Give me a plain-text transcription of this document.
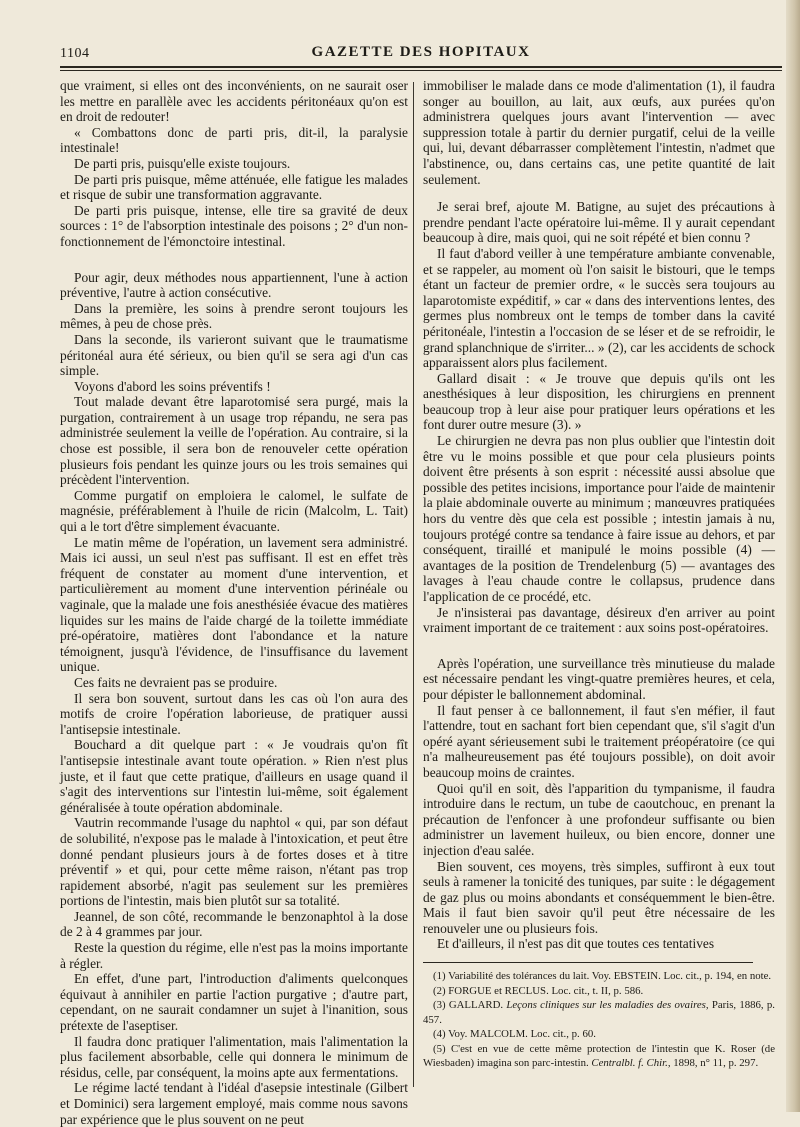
1104	GAZETTE DES HOPITAUX

que vraiment, si elles ont des inconvénients, on ne saurait oser les mettre en parallèle avec les accidents péritonéaux qu'on est en droit de redouter!

« Combattons donc de parti pris, dit-il, la paralysie intestinale!

De parti pris, puisqu'elle existe toujours.

De parti pris puisque, même atténuée, elle fatigue les malades et risque de subir une transformation aggravante.

De parti pris puisque, intense, elle tire sa gravité de deux sources : 1° de l'absorption intestinale des poisons ; 2° d'un non-fonctionnement de l'émonctoire intestinal.

Pour agir, deux méthodes nous appartiennent, l'une à action préventive, l'autre à action consécutive.

Dans la première, les soins à prendre seront toujours les mêmes, à peu de chose près.

Dans la seconde, ils varieront suivant que le traumatisme péritonéal aura été sérieux, ou bien qu'il se sera agi d'un cas simple.

Voyons d'abord les soins préventifs !

Tout malade devant être laparotomisé sera purgé, mais la purgation, contrairement à un usage trop répandu, ne sera pas administrée seulement la veille de l'opération. Au contraire, si la chose est possible, il sera bon de renouveler cette opération plusieurs fois pendant les quinze jours ou les trois semaines qui précèdent l'intervention.

Comme purgatif on emploiera le calomel, le sulfate de magnésie, préférablement à l'huile de ricin (Malcolm, L. Tait) qui a le tort d'être simplement évacuante.

Le matin même de l'opération, un lavement sera administré. Mais ici aussi, un seul n'est pas suffisant. Il est en effet très fréquent de constater au moment d'une intervention, et particulièrement au moment d'une intervention périnéale ou vaginale, que la malade une fois anesthésiée évacue des matières liquides sur les mains de l'aide chargé de la toilette immédiate pré-opératoire, matières dont l'abondance et la nature témoignent, jusqu'à l'évidence, de l'insuffisance du lavement unique.

Ces faits ne devraient pas se produire.

Il sera bon souvent, surtout dans les cas où l'on aura des motifs de croire l'opération laborieuse, de pratiquer aussi l'antisepsie intestinale.

Bouchard a dit quelque part : « Je voudrais qu'on fît l'antisepsie intestinale avant toute opération. » Rien n'est plus juste, et il faut que cette pratique, d'ailleurs en usage quand il s'agit des interventions sur l'intestin lui-même, soit également généralisée à toute opération abdominale.

Vautrin recommande l'usage du naphtol « qui, par son défaut de solubilité, n'expose pas le malade à l'intoxication, et peut être donné pendant plusieurs jours à de fortes doses et à titre préventif » et qui, pour cette même raison, n'étant pas trop rapidement absorbé, n'agit pas seulement sur les premières portions de l'intestin, mais bien plutôt sur sa totalité.

Jeannel, de son côté, recommande le benzonaphtol à la dose de 2 à 4 grammes par jour.

Reste la question du régime, elle n'est pas la moins importante à régler.

En effet, d'une part, l'introduction d'aliments quelconques équivaut à annihiler en partie l'action purgative ; d'autre part, cependant, on ne saurait condamner un sujet à l'inanition, sous prétexte de l'aseptiser.

Il faudra donc pratiquer l'alimentation, mais l'alimentation la plus facilement absorbable, celle qui donnera le minimum de résidus, celle, par conséquent, la moins apte aux fermentations.

Le régime lacté tendant à l'idéal d'asepsie intestinale (Gilbert et Dominici) sera largement employé, mais comme nous savons par expérience que le plus souvent on ne peut

immobiliser le malade dans ce mode d'alimentation (1), il faudra songer au bouillon, au lait, aux œufs, aux purées qu'on administrera quelques jours avant l'intervention — avec suppression totale à partir du dernier purgatif, celui de la veille qui, lui, devant débarrasser complètement l'intestin, n'admet que l'abstinence, ou, dans certains cas, une petite quantité de lait seulement.

Je serai bref, ajoute M. Batigne, au sujet des précautions à prendre pendant l'acte opératoire lui-même. Il y aurait cependant beaucoup à dire, mais quoi, qui ne soit répété et bien connu ?

Il faut d'abord veiller à une température ambiante convenable, et se rappeler, au moment où l'on saisit le bistouri, que le temps étant un facteur de premier ordre, « le succès sera toujours au laparotomiste expéditif, » car « dans des interventions lentes, des germes plus nombreux ont le temps de tomber dans la cavité péritonéale, l'intestin a l'occasion de se léser et de se refroidir, le grand splanchnique de s'irriter... » (2), car les accidents de schock apparaissent alors plus facilement.

Gallard disait : « Je trouve que depuis qu'ils ont les anesthésiques à leur disposition, les chirurgiens en prennent beaucoup trop à leur aise pour pratiquer leurs opérations et les font durer outre mesure (3). »

Le chirurgien ne devra pas non plus oublier que l'intestin doit être vu le moins possible et que pour cela plusieurs points doivent être présents à son esprit : nécessité aussi absolue que possible des petites incisions, importance pour l'aide de maintenir la plaie abdominale ouverte au minimum ; manœuvres pratiquées hors du ventre dès que cela est possible ; intestin jamais à nu, toujours protégé contre sa tendance à faire issue au dehors, et par conséquent, tiraillé et manipulé le moins possible (4) — avantages de la position de Trendelenburg (5) — avantages des lavages à l'eau chaude contre le collapsus, prudence dans l'application de ce procédé, etc.

Je n'insisterai pas davantage, désireux d'en arriver au point vraiment important de ce traitement : aux soins post-opératoires.

Après l'opération, une surveillance très minutieuse du malade est nécessaire pendant les vingt-quatre premières heures, et cela, pour dépister le ballonnement abdominal.

Il faut penser à ce ballonnement, il faut s'en méfier, il faut l'attendre, tout en sachant fort bien cependant que, s'il s'agit d'un opéré ayant sérieusement subi le traitement préopératoire (ce qui n'a malheureusement pas été toujours possible), on doit avoir beaucoup moins de craintes.

Quoi qu'il en soit, dès l'apparition du tympanisme, il faudra introduire dans le rectum, un tube de caoutchouc, en prenant la précaution de l'enfoncer à une profondeur suffisante ou bien administrer un lavement huileux, ou bien encore, donner une injection d'eau salée.

Bien souvent, ces moyens, très simples, suffiront à eux tout seuls à ramener la tonicité des tuniques, par suite : le dégagement de gaz plus ou moins abondants et conséquemment le bien-être. Mais il faut bien savoir qu'il peut être nécessaire de les renouveler une ou plusieurs fois.

Et d'ailleurs, il n'est pas dit que toutes ces tentatives

(1) Variabilité des tolérances du lait. Voy. EBSTEIN. Loc. cit., p. 194, en note.
(2) FORGUE et RECLUS. Loc. cit., t. II, p. 586.
(3) GALLARD. Leçons cliniques sur les maladies des ovaires, Paris, 1886, p. 457.
(4) Voy. MALCOLM. Loc. cit., p. 60.
(5) C'est en vue de cette même protection de l'intestin que K. Roser (de Wiesbaden) imagina son parc-intestin. Centralbl. f. Chir., 1898, n° 11, p. 297.
